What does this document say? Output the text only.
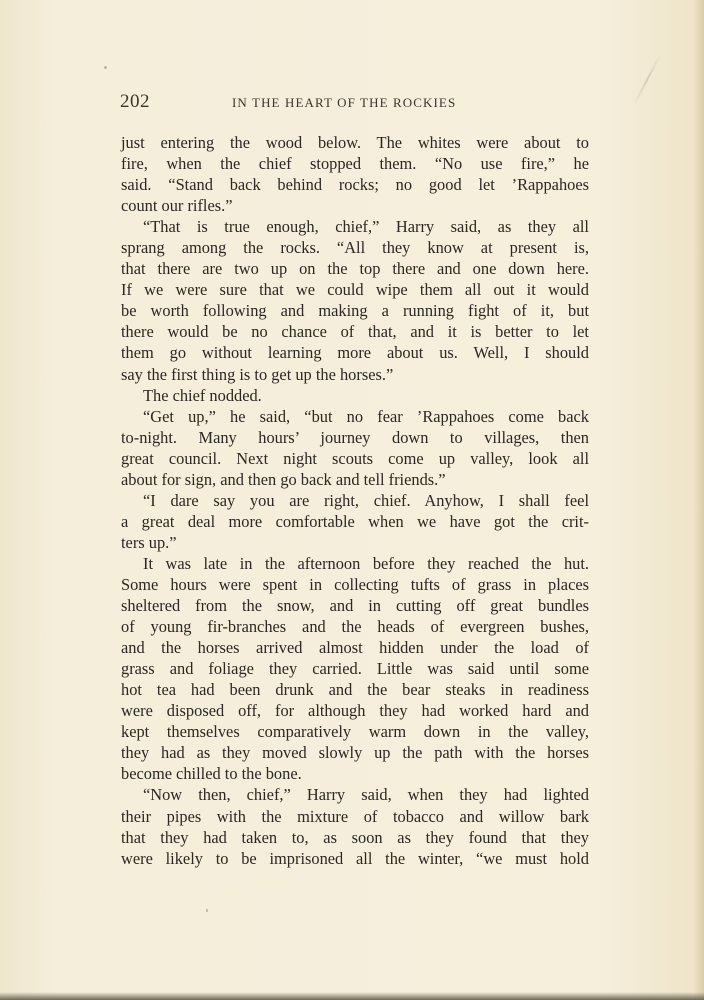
202	IN THE HEART OF THE ROCKIES
just entering the wood below. The whites were about to
fire, when the chief stopped them. “No use fire,” he
said. “Stand back behind rocks; no good let ’Rappahoes
count our rifles.”
“That is true enough, chief,” Harry said, as they all
sprang among the rocks. “All they know at present is,
that there are two up on the top there and one down here.
If we were sure that we could wipe them all out it would
be worth following and making a running fight of it, but
there would be no chance of that, and it is better to let
them go without learning more about us. Well, I should
say the first thing is to get up the horses.”
The chief nodded.
“Get up,” he said, “but no fear ’Rappahoes come back
to-night. Many hours’ journey down to villages, then
great council. Next night scouts come up valley, look all
about for sign, and then go back and tell friends.”
“I dare say you are right, chief. Anyhow, I shall feel
a great deal more comfortable when we have got the crit-
ters up.”
It was late in the afternoon before they reached the hut.
Some hours were spent in collecting tufts of grass in places
sheltered from the snow, and in cutting off great bundles
of young fir-branches and the heads of evergreen bushes,
and the horses arrived almost hidden under the load of
grass and foliage they carried. Little was said until some
hot tea had been drunk and the bear steaks in readiness
were disposed off, for although they had worked hard and
kept themselves comparatively warm down in the valley,
they had as they moved slowly up the path with the horses
become chilled to the bone.
“Now then, chief,” Harry said, when they had lighted
their pipes with the mixture of tobacco and willow bark
that they had taken to, as soon as they found that they
were likely to be imprisoned all the winter, “we must hold
